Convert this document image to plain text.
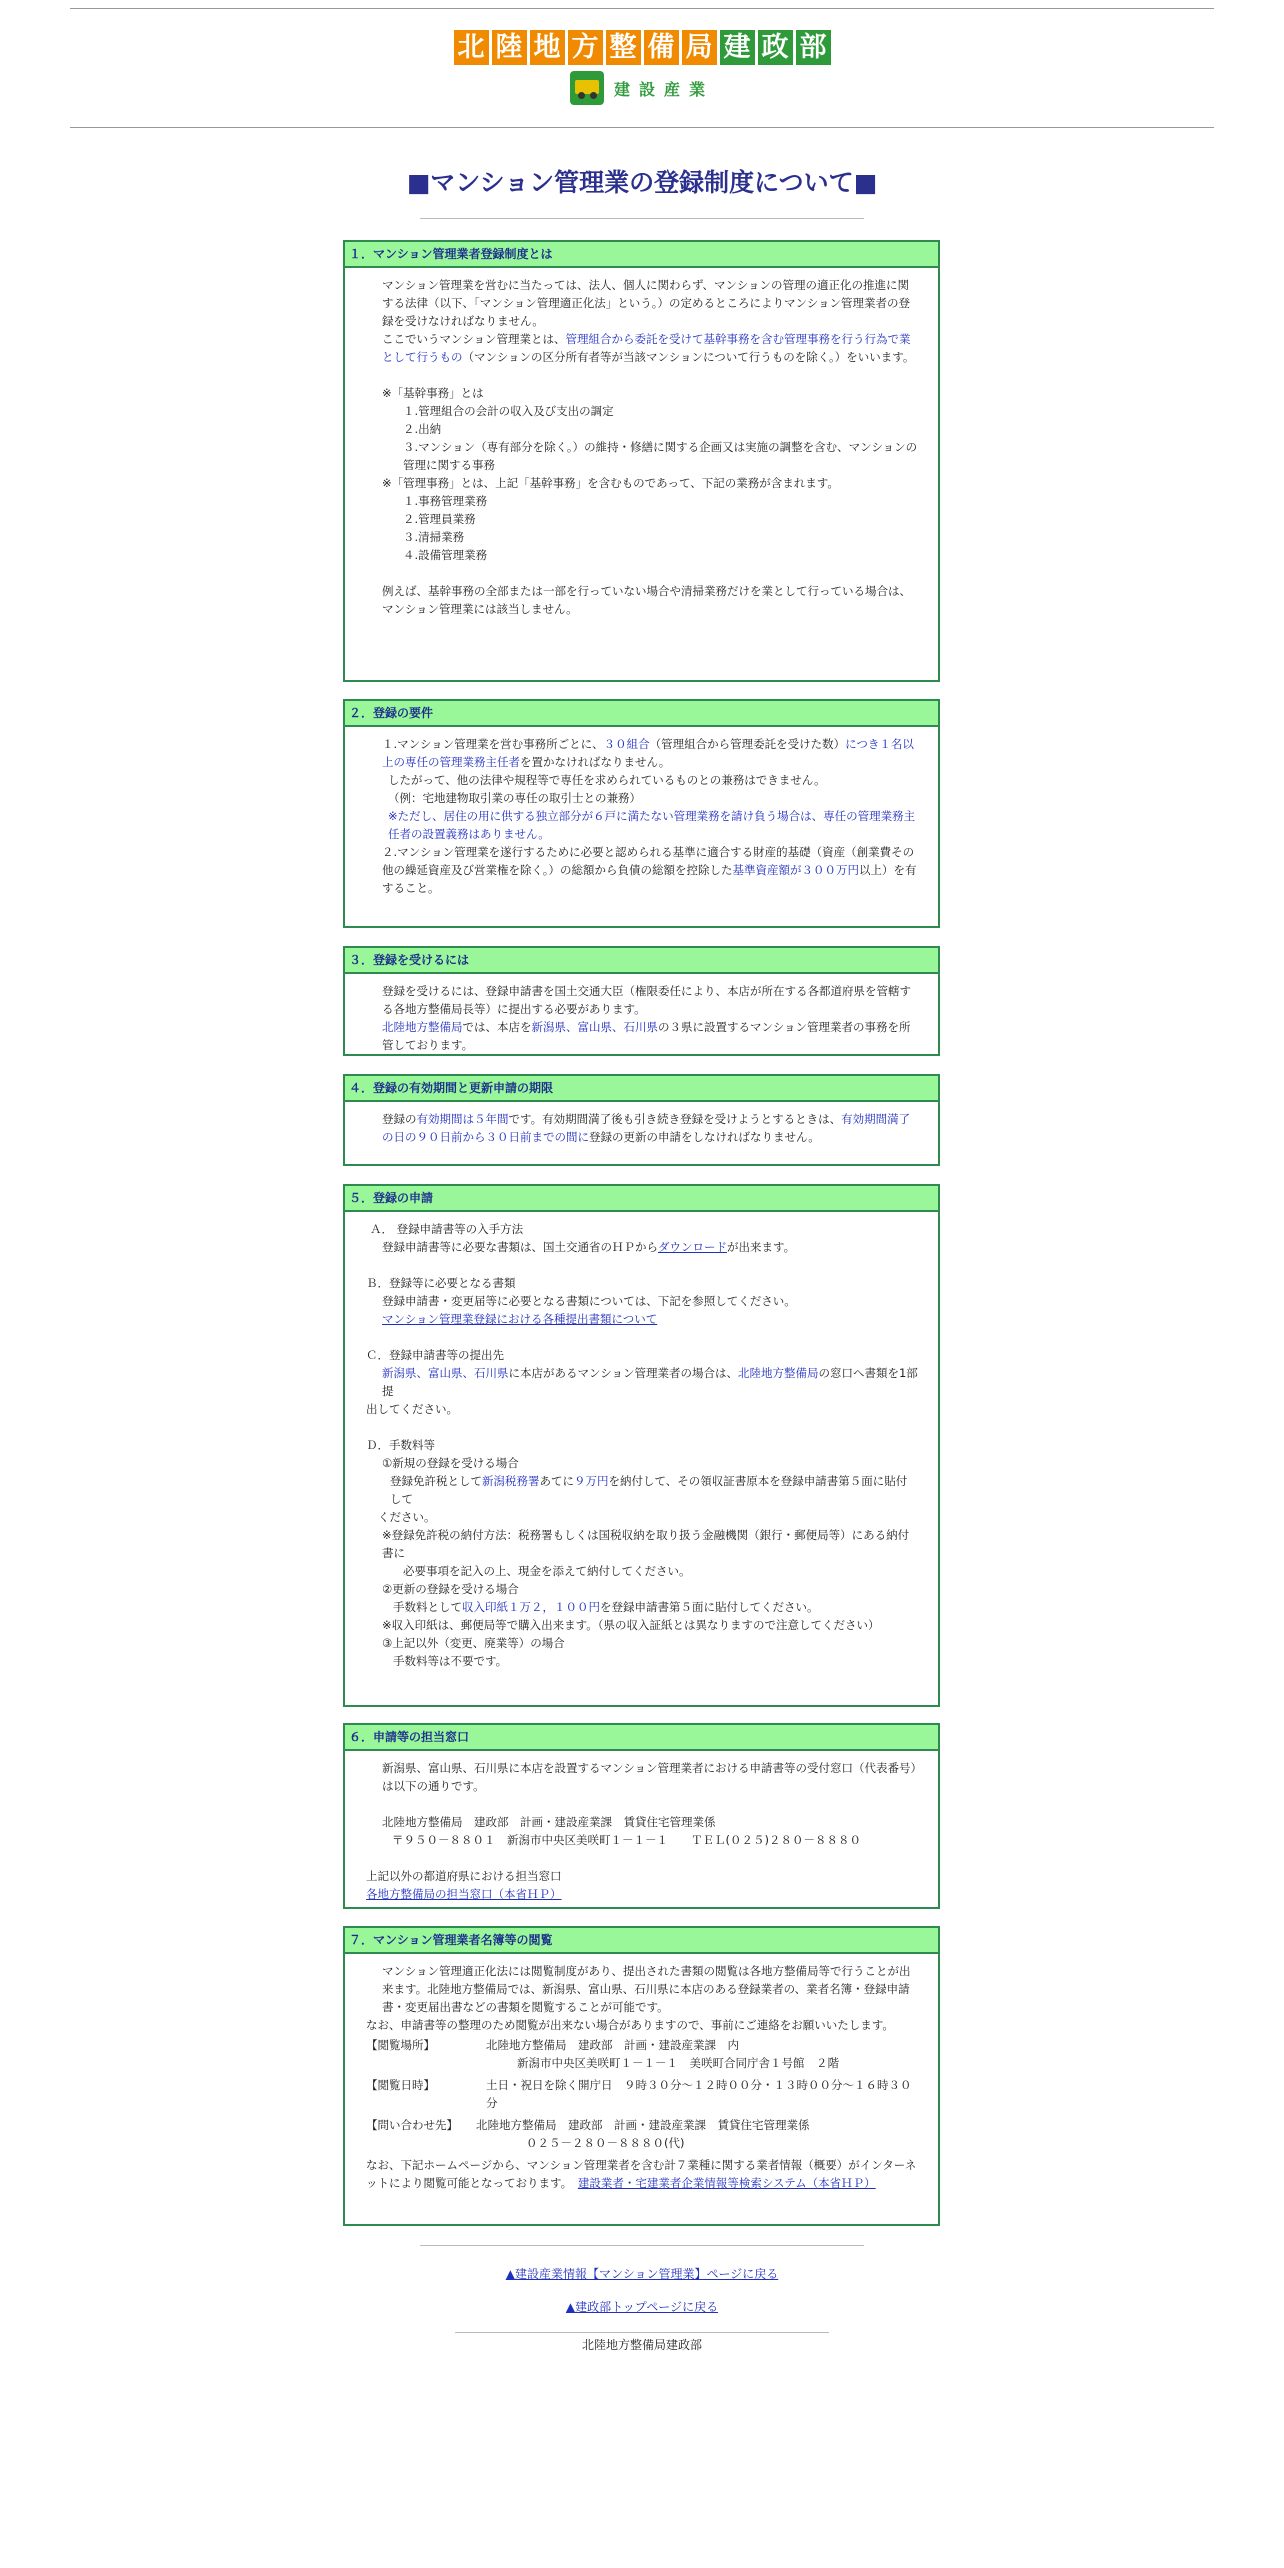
北 陸 地 方 整 備 局 建 政 部
建設産業
■マンション管理業の登録制度について■
１．マンション管理業者登録制度とは

マンション管理業を営むに当たっては、法人、個人に関わらず、マンションの管理の適正化の推進に関する法律（以下、「マンション管理適正化法」という。）の定めるところによりマンション管理業者の登録を受けなければなりません。

ここでいうマンション管理業とは、管理組合から委託を受けて基幹事務を含む管理事務を行う行為で業として行うもの（マンションの区分所有者等が当該マンションについて行うものを除く。）をいいます。

※「基幹事務」とは

１.管理組合の会計の収入及び支出の調定

２.出納

３.マンション（専有部分を除く。）の維持・修繕に関する企画又は実施の調整を含む、マンションの管理に関する事務

※「管理事務」とは、上記「基幹事務」を含むものであって、下記の業務が含まれます。

１.事務管理業務

２.管理員業務

３.清掃業務

４.設備管理業務

例えば、基幹事務の全部または一部を行っていない場合や清掃業務だけを業として行っている場合は、マンション管理業には該当しません。

２．登録の要件

１.マンション管理業を営む事務所ごとに、３０組合（管理組合から管理委託を受けた数）につき１名以上の専任の管理業務主任者を置かなければなりません。

したがって、他の法律や規程等で専任を求められているものとの兼務はできません。

（例：宅地建物取引業の専任の取引士との兼務）

※ただし、居住の用に供する独立部分が６戸に満たない管理業務を請け負う場合は、専任の管理業務主任者の設置義務はありません。

２.マンション管理業を遂行するために必要と認められる基準に適合する財産的基礎（資産（創業費その他の繰延資産及び営業権を除く。）の総額から負債の総額を控除した基準資産額が３００万円以上）を有すること。

３．登録を受けるには

登録を受けるには、登録申請書を国土交通大臣（権限委任により、本店が所在する各都道府県を管轄する各地方整備局長等）に提出する必要があります。

北陸地方整備局では、本店を新潟県、富山県、石川県の３県に設置するマンション管理業者の事務を所管しております。

４．登録の有効期間と更新申請の期限

登録の有効期間は５年間です。有効期間満了後も引き続き登録を受けようとするときは、有効期間満了の日の９０日前から３０日前までの間に登録の更新の申請をしなければなりません。

５．登録の申請

Ａ． 登録申請書等の入手方法

登録申請書等に必要な書類は、国土交通省のＨＰからダウンロードが出来ます。

Ｂ．登録等に必要となる書類

登録申請書・変更届等に必要となる書類については、下記を参照してください。

マンション管理業登録における各種提出書類について

Ｃ．登録申請書等の提出先

新潟県、富山県、石川県に本店があるマンション管理業者の場合は、北陸地方整備局の窓口へ書類を1部提

出してください。

Ｄ．手数料等

①新規の登録を受ける場合

登録免許税として新潟税務署あてに９万円を納付して、その領収証書原本を登録申請書第５面に貼付して

ください。

※登録免許税の納付方法：税務署もしくは国税収納を取り扱う金融機関（銀行・郵便局等）にある納付書に

必要事項を記入の上、現金を添えて納付してください。

②更新の登録を受ける場合

手数料として収入印紙１万２，１００円を登録申請書第５面に貼付してください。

※収入印紙は、郵便局等で購入出来ます。（県の収入証紙とは異なりますので注意してください）

③上記以外（変更、廃業等）の場合

手数料等は不要です。

６．申請等の担当窓口

新潟県、富山県、石川県に本店を設置するマンション管理業者における申請書等の受付窓口（代表番号）は以下の通りです。

北陸地方整備局　建政部　計画・建設産業課　賃貸住宅管理業係

〒９５０－８８０１　新潟市中央区美咲町１－１－１　　ＴＥＬ(０２５)２８０－８８８０

上記以外の都道府県における担当窓口

各地方整備局の担当窓口（本省ＨＰ）

７．マンション管理業者名簿等の閲覧

マンション管理適正化法には閲覧制度があり、提出された書類の閲覧は各地方整備局等で行うことが出来ます。北陸地方整備局では、新潟県、富山県、石川県に本店のある登録業者の、業者名簿・登録申請書・変更届出書などの書類を閲覧することが可能です。

なお、申請書等の整理のため閲覧が出来ない場合がありますので、事前にご連絡をお願いいたします。

【閲覧場所】	北陸地方整備局　建政部　計画・建設産業課　内

新潟市中央区美咲町１－１－１　美咲町合同庁舎１号館　２階

【閲覧日時】	土日・祝日を除く開庁日　９時３０分～１２時００分・１３時００分～１６時３０分
【問い合わせ先】	北陸地方整備局　建政部　計画・建設産業課　賃貸住宅管理業係

０２５－２８０－８８８０(代)

なお、下記ホームページから、マンション管理業者を含む計７業種に関する業者情報（概要）がインターネットにより閲覧可能となっております。　 建設業者・宅建業者企業情報等検索システム（本省ＨＰ）

▲建設産業情報【マンション管理業】ページに戻る
▲建政部トップページに戻る
北陸地方整備局建政部
